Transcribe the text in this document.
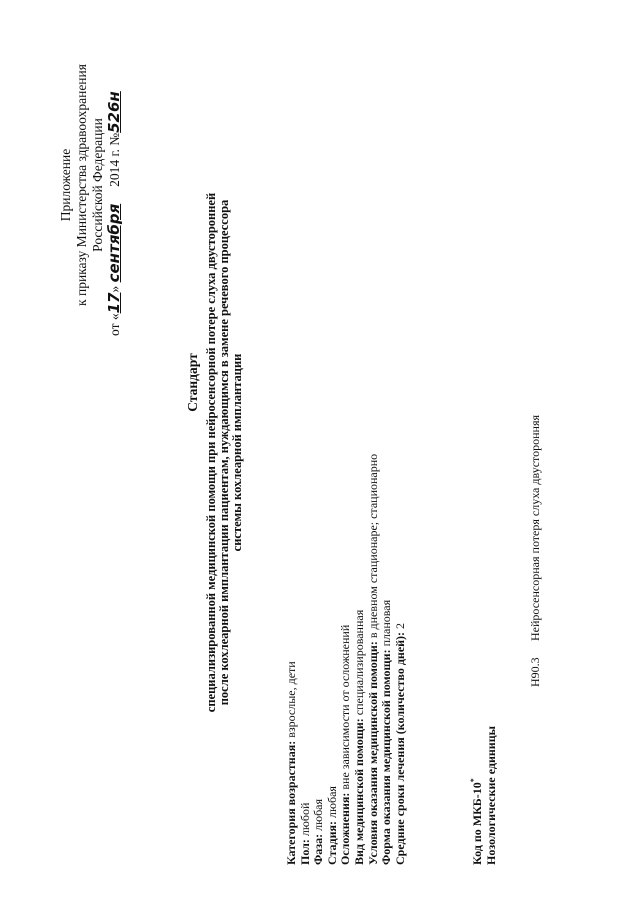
Приложение к приказу Министерства здравоохранения Российской Федерации
от «17» сентября     2014 г. №526н
Стандарт специализированной медицинской помощи при нейросенсорной потере слуха двусторонней после кохлеарной имплантации пациентам, нуждающимся в замене речевого процессора системы кохлеарной имплантации
Категория возрастная: взрослые, дети
Пол: любой
Фаза: любая
Стадия: любая Осложнения: вне зависимости от осложнений Вид медицинской помощи: специализированная Условия оказания медицинской помощи: в дневном стационаре; стационарно
Форма оказания медицинской помощи: плановая
Средние сроки лечения (количество дней): 2
Код по МКБ-10* Нозологические единицы
H90.3Нейросенсорная потеря слуха двусторонняя
